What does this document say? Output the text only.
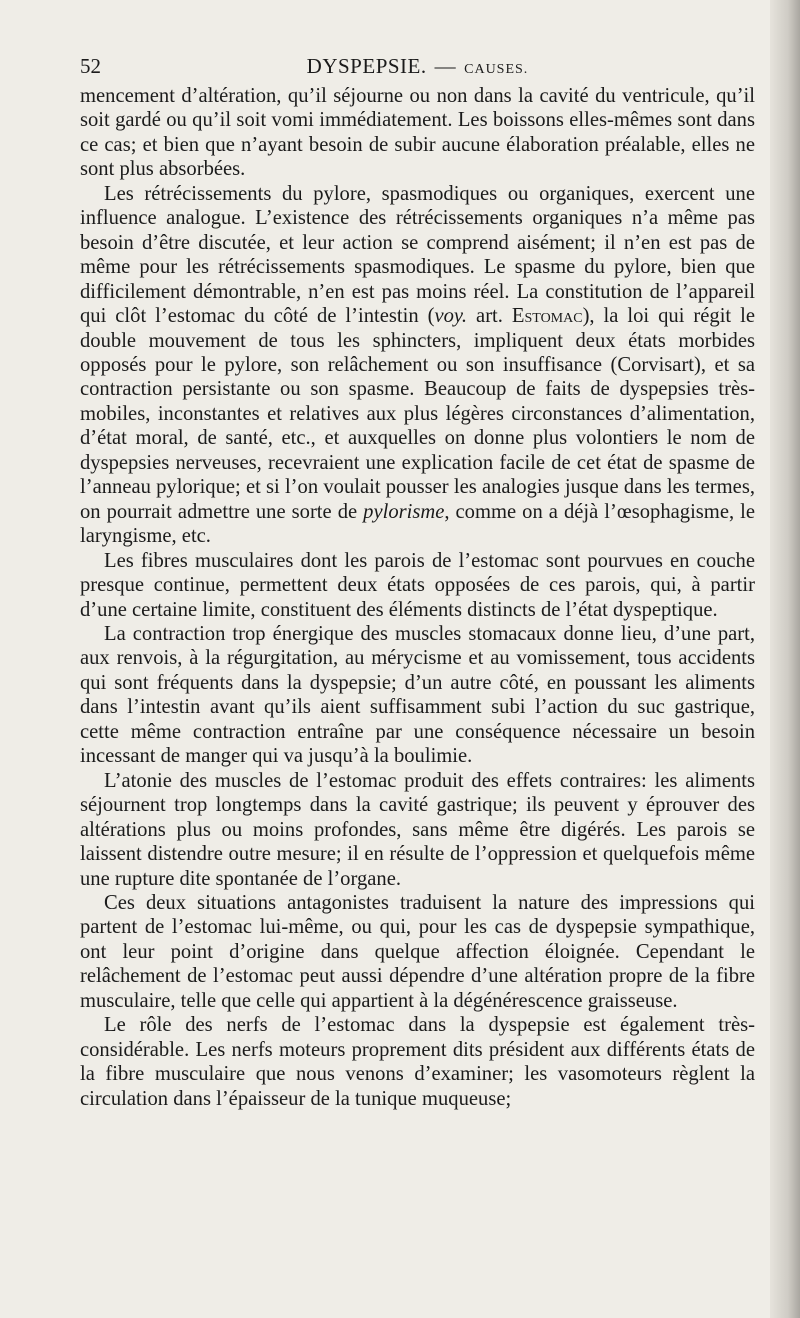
52	DYSPEPSIE. — CAUSES.

mencement d’altération, qu’il séjourne ou non dans la cavité du ventricule, qu’il soit gardé ou qu’il soit vomi immédiatement. Les boissons elles-mêmes sont dans ce cas; et bien que n’ayant besoin de subir aucune élaboration préalable, elles ne sont plus absorbées.

Les rétrécissements du pylore, spasmodiques ou organiques, exercent une influence analogue. L’existence des rétrécissements organiques n’a même pas besoin d’être discutée, et leur action se comprend aisément; il n’en est pas de même pour les rétrécissements spasmodiques. Le spasme du pylore, bien que difficilement démontrable, n’en est pas moins réel. La constitution de l’appareil qui clôt l’estomac du côté de l’intestin (voy. art. Estomac), la loi qui régit le double mouvement de tous les sphincters, impliquent deux états morbides opposés pour le pylore, son relâchement ou son insuffisance (Corvisart), et sa contraction persistante ou son spasme. Beaucoup de faits de dyspepsies très-mobiles, inconstantes et relatives aux plus légères circonstances d’alimentation, d’état moral, de santé, etc., et auxquelles on donne plus volontiers le nom de dyspepsies nerveuses, recevraient une explication facile de cet état de spasme de l’anneau pylorique; et si l’on voulait pousser les analogies jusque dans les termes, on pourrait admettre une sorte de pylorisme, comme on a déjà l’œsophagisme, le laryngisme, etc.

Les fibres musculaires dont les parois de l’estomac sont pourvues en couche presque continue, permettent deux états opposées de ces parois, qui, à partir d’une certaine limite, constituent des éléments distincts de l’état dyspeptique.

La contraction trop énergique des muscles stomacaux donne lieu, d’une part, aux renvois, à la régurgitation, au mérycisme et au vomissement, tous accidents qui sont fréquents dans la dyspepsie; d’un autre côté, en poussant les aliments dans l’intestin avant qu’ils aient suffisamment subi l’action du suc gastrique, cette même contraction entraîne par une conséquence nécessaire un besoin incessant de manger qui va jusqu’à la boulimie.

L’atonie des muscles de l’estomac produit des effets contraires: les aliments séjournent trop longtemps dans la cavité gastrique; ils peuvent y éprouver des altérations plus ou moins profondes, sans même être digérés. Les parois se laissent distendre outre mesure; il en résulte de l’oppression et quelquefois même une rupture dite spontanée de l’organe.

Ces deux situations antagonistes traduisent la nature des impressions qui partent de l’estomac lui-même, ou qui, pour les cas de dyspepsie sympathique, ont leur point d’origine dans quelque affection éloignée. Cependant le relâchement de l’estomac peut aussi dépendre d’une altération propre de la fibre musculaire, telle que celle qui appartient à la dégénérescence graisseuse.

Le rôle des nerfs de l’estomac dans la dyspepsie est également très-considérable. Les nerfs moteurs proprement dits président aux différents états de la fibre musculaire que nous venons d’examiner; les vasomoteurs règlent la circulation dans l’épaisseur de la tunique muqueuse;
